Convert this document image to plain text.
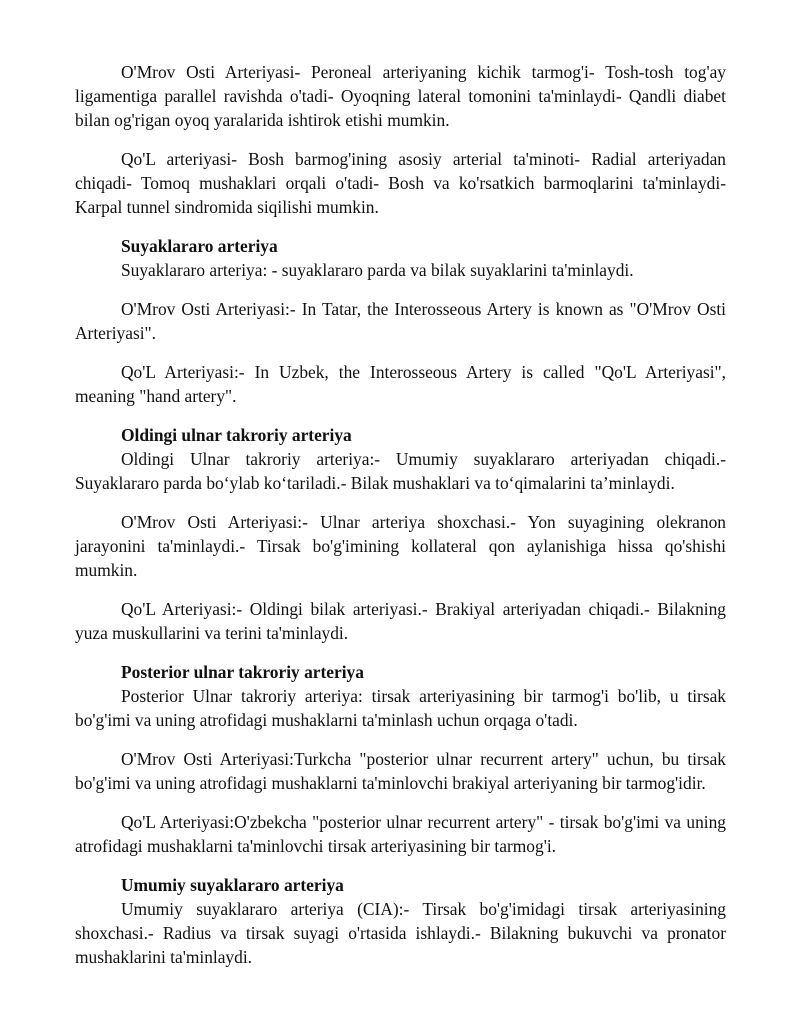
O'Mrov Osti Arteriyasi- Peroneal arteriyaning kichik tarmog'i- Tosh-tosh tog'ay ligamentiga parallel ravishda o'tadi- Oyoqning lateral tomonini ta'minlaydi- Qandli diabet bilan og'rigan oyoq yaralarida ishtirok etishi mumkin.

Qo'L arteriyasi- Bosh barmog'ining asosiy arterial ta'minoti- Radial arteriyadan chiqadi- Tomoq mushaklari orqali o'tadi- Bosh va ko'rsatkich barmoqlarini ta'minlaydi- Karpal tunnel sindromida siqilishi mumkin.

Suyaklararo arteriya

Suyaklararo arteriya: - suyaklararo parda va bilak suyaklarini ta'minlaydi.

O'Mrov Osti Arteriyasi:- In Tatar, the Interosseous Artery is known as "O'Mrov Osti Arteriyasi".

Qo'L Arteriyasi:- In Uzbek, the Interosseous Artery is called "Qo'L Arteriyasi", meaning "hand artery".

Oldingi ulnar takroriy arteriya

Oldingi Ulnar takroriy arteriya:- Umumiy suyaklararo arteriyadan chiqadi.- Suyaklararo parda bo‘ylab ko‘tariladi.- Bilak mushaklari va to‘qimalarini ta’minlaydi.

O'Mrov Osti Arteriyasi:- Ulnar arteriya shoxchasi.- Yon suyagining olekranon jarayonini ta'minlaydi.- Tirsak bo'g'imining kollateral qon aylanishiga hissa qo'shishi mumkin.

Qo'L Arteriyasi:- Oldingi bilak arteriyasi.- Brakiyal arteriyadan chiqadi.- Bilakning yuza muskullarini va terini ta'minlaydi.

Posterior ulnar takroriy arteriya

Posterior Ulnar takroriy arteriya: tirsak arteriyasining bir tarmog'i bo'lib, u tirsak bo'g'imi va uning atrofidagi mushaklarni ta'minlash uchun orqaga o'tadi.

O'Mrov Osti Arteriyasi:Turkcha "posterior ulnar recurrent artery" uchun, bu tirsak bo'g'imi va uning atrofidagi mushaklarni ta'minlovchi brakiyal arteriyaning bir tarmog'idir.

Qo'L Arteriyasi:O'zbekcha "posterior ulnar recurrent artery" - tirsak bo'g'imi va uning atrofidagi mushaklarni ta'minlovchi tirsak arteriyasining bir tarmog'i.

Umumiy suyaklararo arteriya

Umumiy suyaklararo arteriya (CIA):- Tirsak bo'g'imidagi tirsak arteriyasining shoxchasi.- Radius va tirsak suyagi o'rtasida ishlaydi.- Bilakning bukuvchi va pronator mushaklarini ta'minlaydi.
